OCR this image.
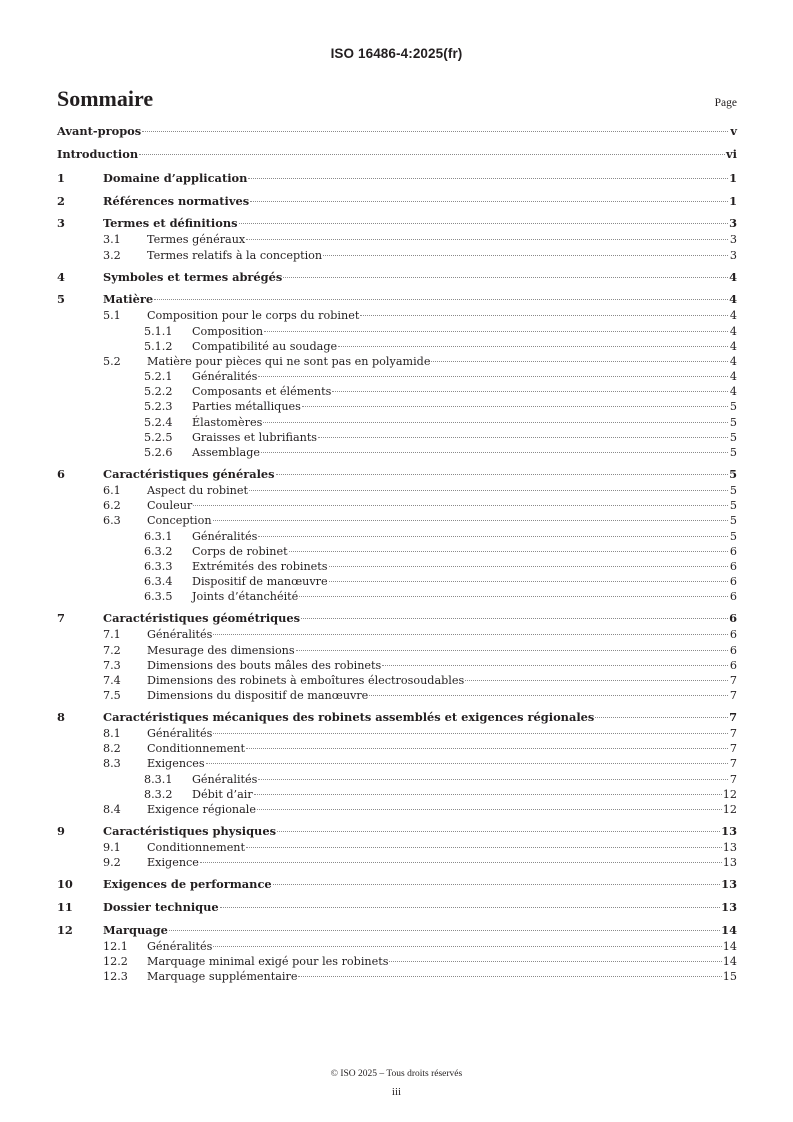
ISO 16486-4:2025(fr)
Sommaire	Page
Avant-propos	v
Introduction	vi
1	Domaine d’application	1
2	Références normatives	1
3	Termes et définitions	3
3.1	Termes généraux	3
3.2	Termes relatifs à la conception	3
4	Symboles et termes abrégés	4
5	Matière	4
5.1	Composition pour le corps du robinet	4
5.1.1	Composition	4
5.1.2	Compatibilité au soudage	4
5.2	Matière pour pièces qui ne sont pas en polyamide	4
5.2.1	Généralités	4
5.2.2	Composants et éléments	4
5.2.3	Parties métalliques	5
5.2.4	Élastomères	5
5.2.5	Graisses et lubrifiants	5
5.2.6	Assemblage	5
6	Caractéristiques générales	5
6.1	Aspect du robinet	5
6.2	Couleur	5
6.3	Conception	5
6.3.1	Généralités	5
6.3.2	Corps de robinet	6
6.3.3	Extrémités des robinets	6
6.3.4	Dispositif de manœuvre	6
6.3.5	Joints d’étanchéité	6
7	Caractéristiques géométriques	6
7.1	Généralités	6
7.2	Mesurage des dimensions	6
7.3	Dimensions des bouts mâles des robinets	6
7.4	Dimensions des robinets à emboîtures électrosoudables	7
7.5	Dimensions du dispositif de manœuvre	7
8	Caractéristiques mécaniques des robinets assemblés et exigences régionales	7
8.1	Généralités	7
8.2	Conditionnement	7
8.3	Exigences	7
8.3.1	Généralités	7
8.3.2	Débit d’air	12
8.4	Exigence régionale	12
9	Caractéristiques physiques	13
9.1	Conditionnement	13
9.2	Exigence	13
10	Exigences de performance	13
11	Dossier technique	13
12	Marquage	14
12.1	Généralités	14
12.2	Marquage minimal exigé pour les robinets	14
12.3	Marquage supplémentaire	15
© ISO 2025 – Tous droits réservés
iii
